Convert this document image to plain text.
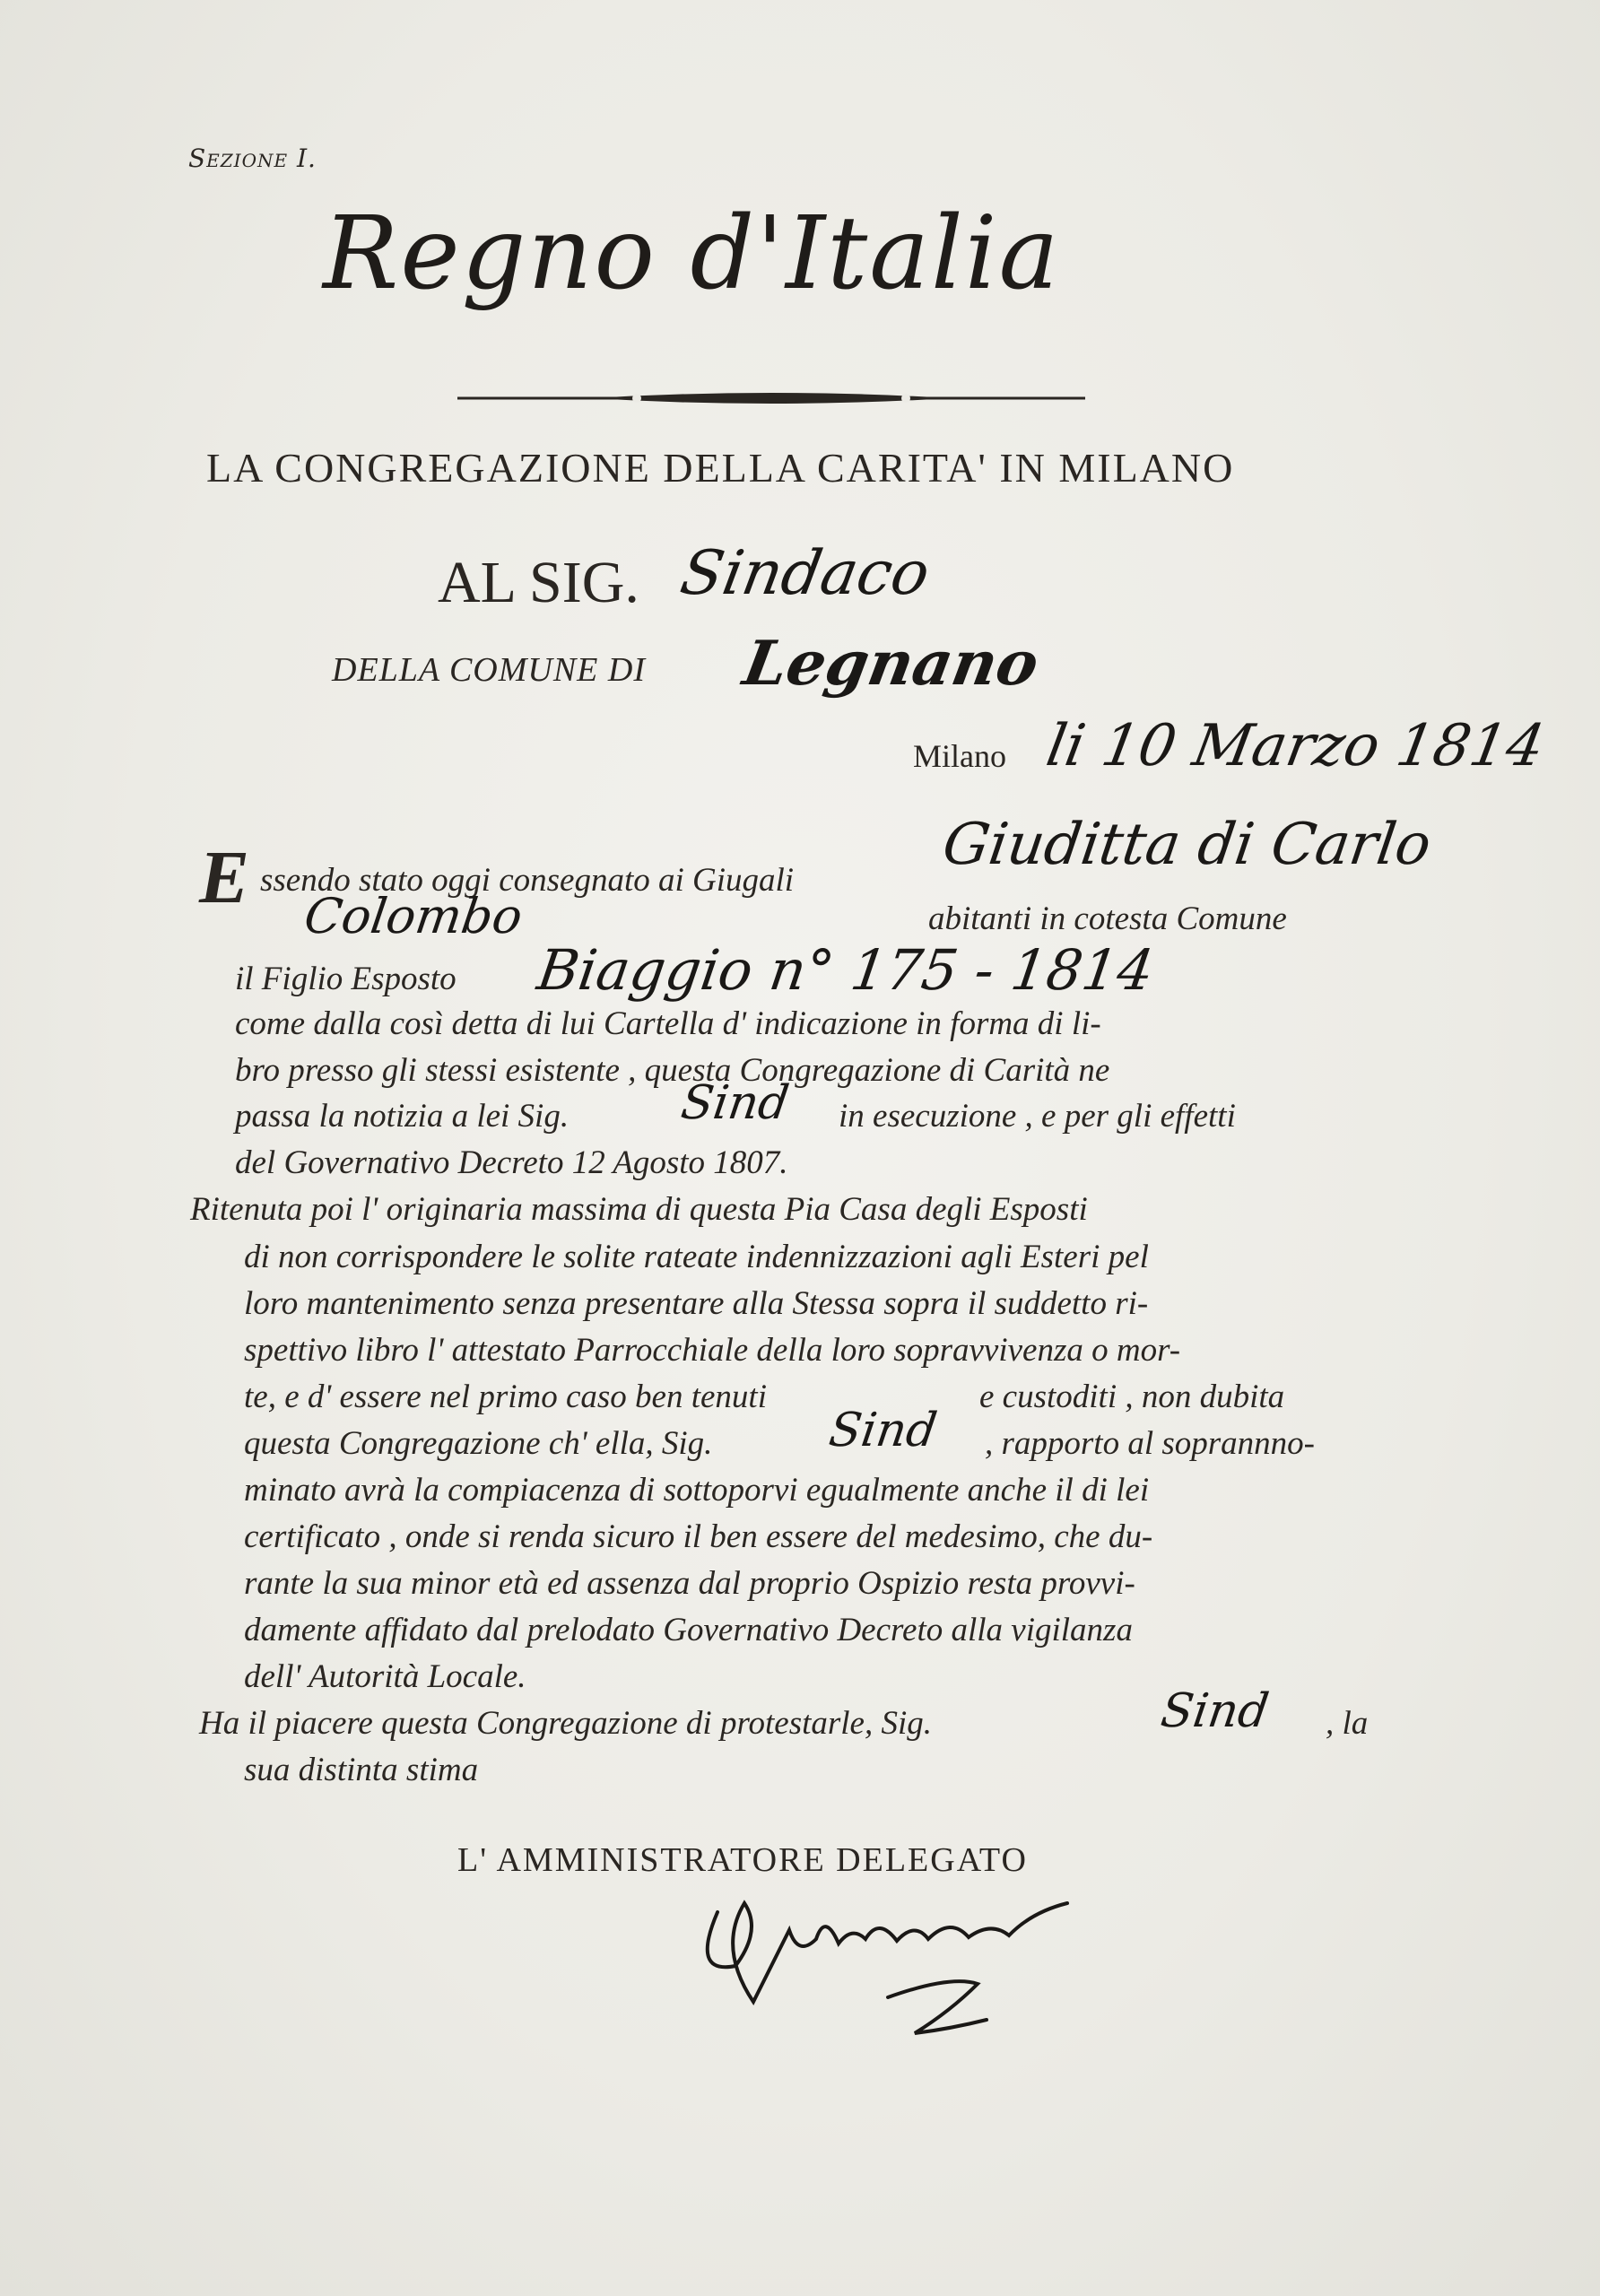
Sezione I.
Regno d'Italia
LA CONGREGAZIONE DELLA CARITA' IN MILANO
AL SIG. Sindaco
DELLA COMUNE DI Legnano
Milano li 10 Marzo 1814
E ssendo stato oggi consegnato ai Giugali
Giuditta di Carlo
Colombo	abitanti in cotesta Comune
il Figlio Esposto Biaggio n° 175 - 1814
come dalla così detta di lui Cartella d' indicazione in forma di li-
bro presso gli stessi esistente , questa Congregazione di Carità ne
passa la notizia a lei Sig. Sind in esecuzione , e per gli effetti
del Governativo Decreto 12 Agosto 1807.
Ritenuta poi l' originaria massima di questa Pia Casa degli Esposti
di non corrispondere le solite rateate indennizzazioni agli Esteri pel
loro mantenimento senza presentare alla Stessa sopra il suddetto ri-
spettivo libro l' attestato Parrocchiale della loro sopravvivenza o mor-
te, e d' essere nel primo caso ben tenuti	e custoditi , non dubita
questa Congregazione ch' ella, Sig. Sind , rapporto al soprannno-
minato avrà la compiacenza di sottoporvi egualmente anche il di lei
certificato , onde si renda sicuro il ben essere del medesimo, che du-
rante la sua minor età ed assenza dal proprio Ospizio resta provvi-
damente affidato dal prelodato Governativo Decreto alla vigilanza
dell' Autorità Locale.
Ha il piacere questa Congregazione di protestarle, Sig.	Sind , la
sua distinta stima
L' AMMINISTRATORE DELEGATO
